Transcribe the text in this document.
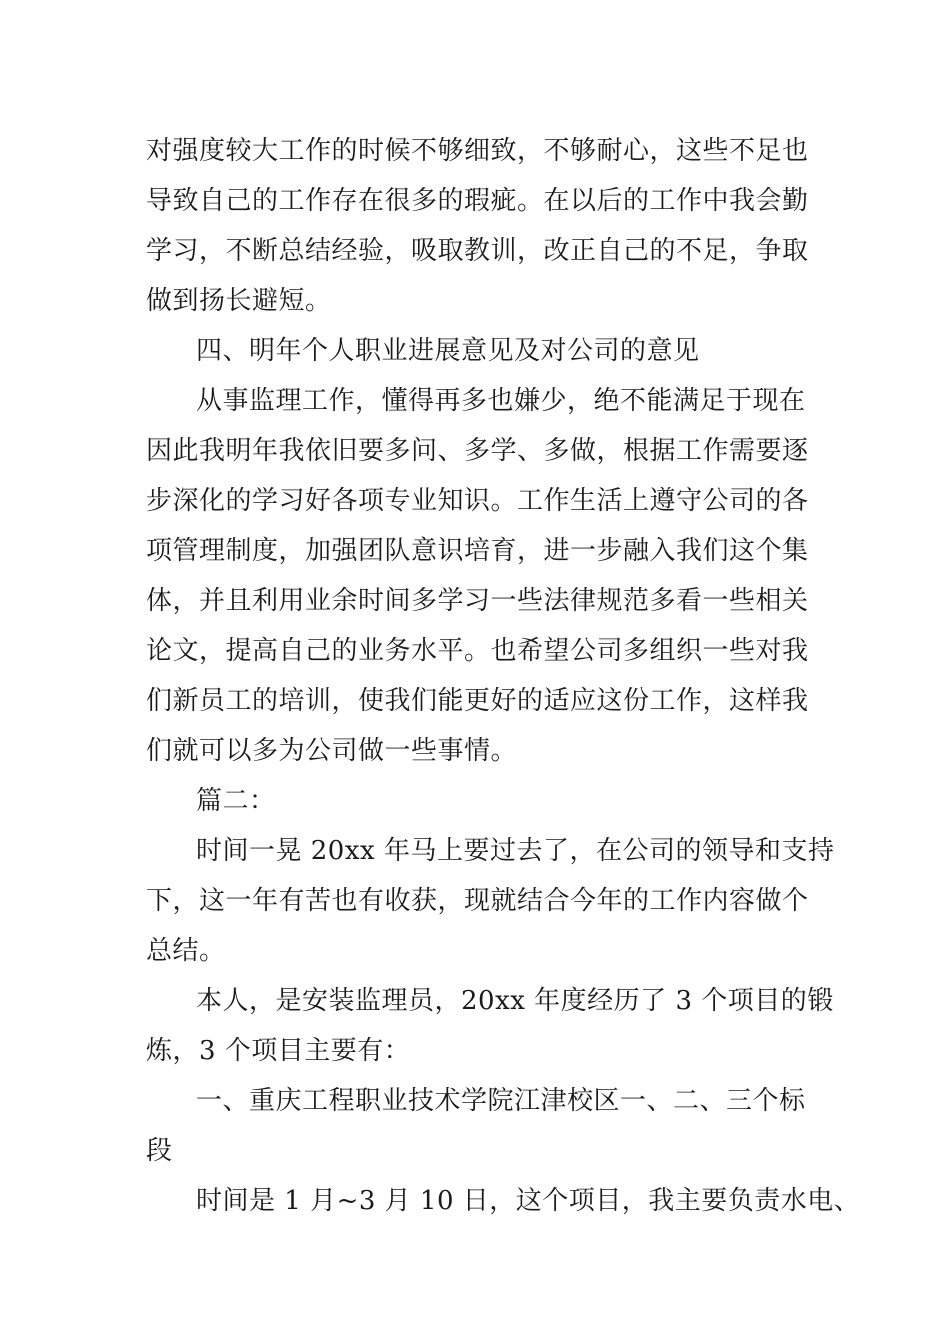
对强度较大工作的时候不够细致，不够耐心，这些不足也
导致自己的工作存在很多的瑕疵。在以后的工作中我会勤
学习，不断总结经验，吸取教训，改正自己的不足，争取
做到扬长避短。
四、明年个人职业进展意见及对公司的意见
从事监理工作，懂得再多也嫌少，绝不能满足于现在
因此我明年我依旧要多问、多学、多做，根据工作需要逐
步深化的学习好各项专业知识。工作生活上遵守公司的各
项管理制度，加强团队意识培育，进一步融入我们这个集
体，并且利用业余时间多学习一些法律规范多看一些相关
论文，提高自己的业务水平。也希望公司多组织一些对我
们新员工的培训，使我们能更好的适应这份工作，这样我
们就可以多为公司做一些事情。
篇二：
时间一晃 20xx 年马上要过去了，在公司的领导和支持
下，这一年有苦也有收获，现就结合今年的工作内容做个
总结。
本人，是安装监理员，20xx 年度经历了 3 个项目的锻
炼，3 个项目主要有：
一、重庆工程职业技术学院江津校区一、二、三个标
段
时间是 1 月~3 月 10 日，这个项目，我主要负责水电、
